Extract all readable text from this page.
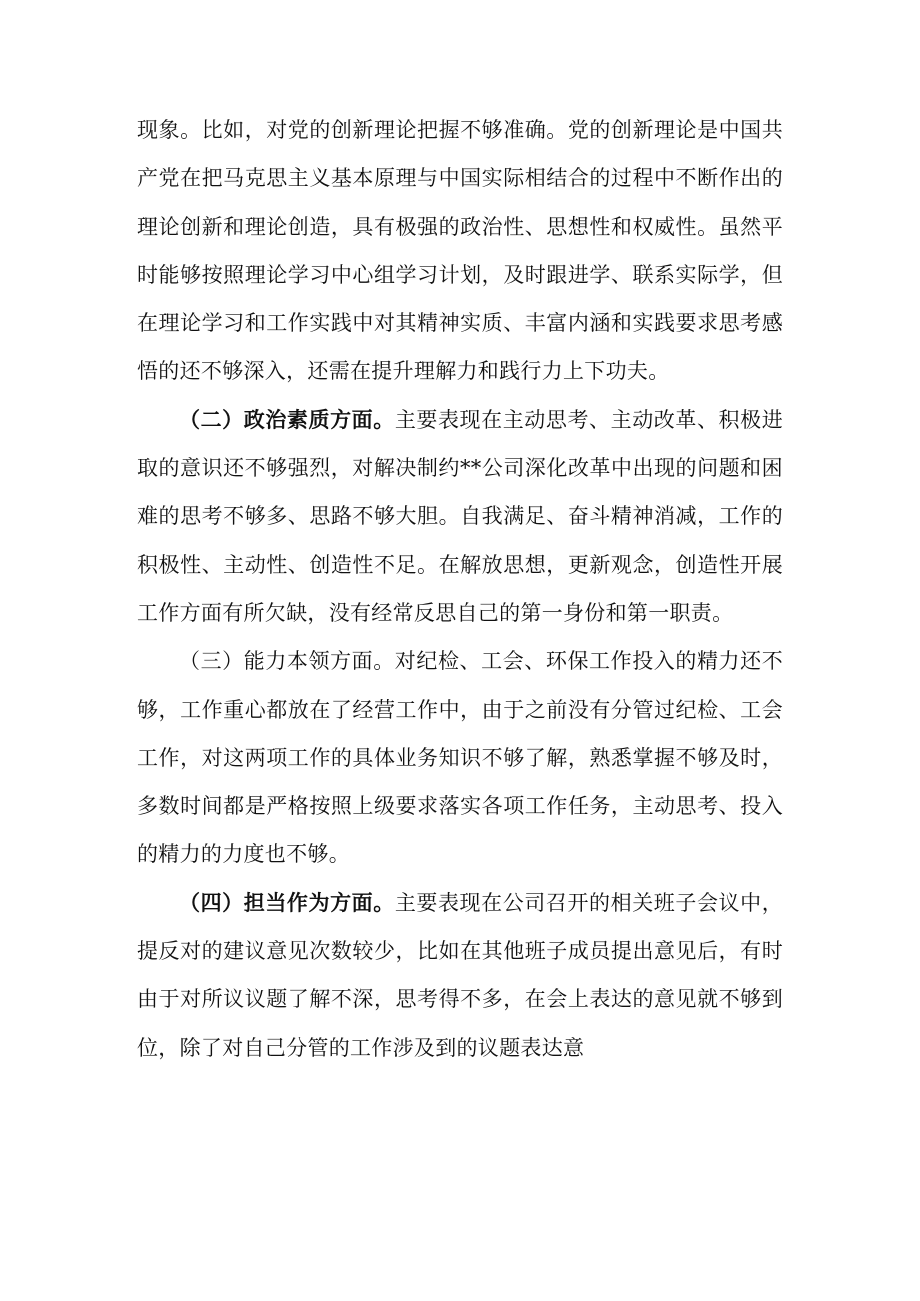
现象。比如，对党的创新理论把握不够准确。党的创新理论是中国共产党在把马克思主义基本原理与中国实际相结合的过程中不断作出的理论创新和理论创造，具有极强的政治性、思想性和权威性。虽然平时能够按照理论学习中心组学习计划，及时跟进学、联系实际学，但在理论学习和工作实践中对其精神实质、丰富内涵和实践要求思考感悟的还不够深入，还需在提升理解力和践行力上下功夫。

（二）政治素质方面。主要表现在主动思考、主动改革、积极进取的意识还不够强烈，对解决制约**公司深化改革中出现的问题和困难的思考不够多、思路不够大胆。自我满足、奋斗精神消减，工作的积极性、主动性、创造性不足。在解放思想，更新观念，创造性开展工作方面有所欠缺，没有经常反思自己的第一身份和第一职责。

（三）能力本领方面。对纪检、工会、环保工作投入的精力还不够，工作重心都放在了经营工作中，由于之前没有分管过纪检、工会工作，对这两项工作的具体业务知识不够了解，熟悉掌握不够及时，多数时间都是严格按照上级要求落实各项工作任务，主动思考、投入的精力的力度也不够。

（四）担当作为方面。主要表现在公司召开的相关班子会议中，提反对的建议意见次数较少，比如在其他班子成员提出意见后，有时由于对所议议题了解不深，思考得不多，在会上表达的意见就不够到位，除了对自己分管的工作涉及到的议题表达意
